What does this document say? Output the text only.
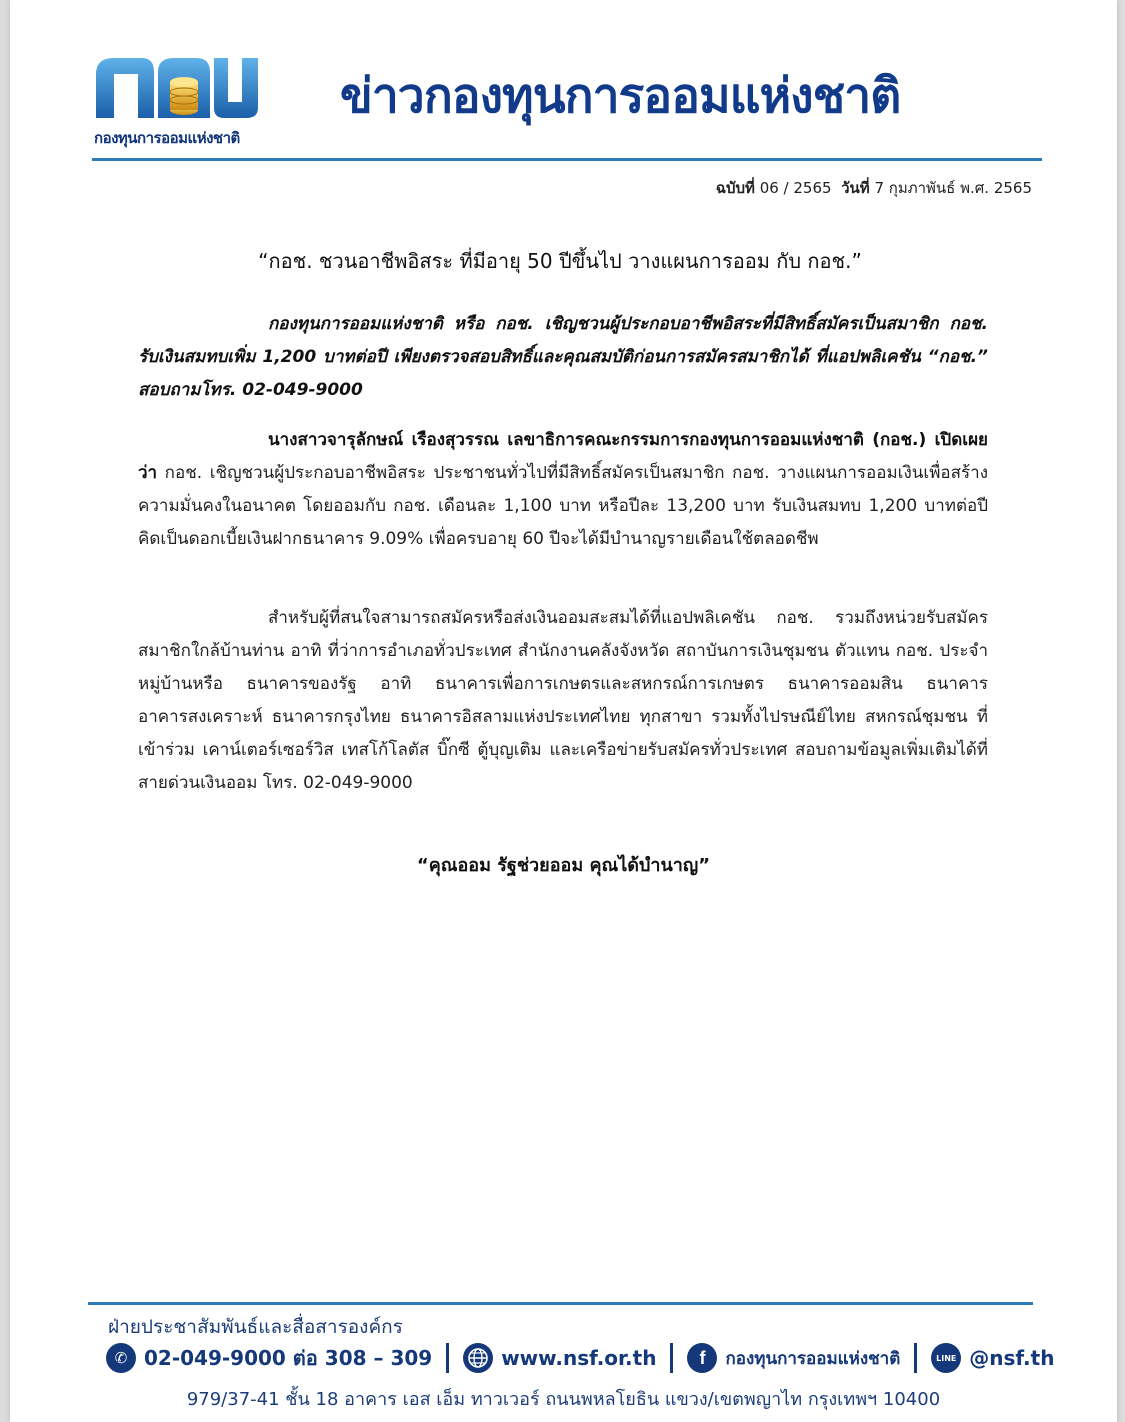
กองทุนการออมแห่งชาติ
ข่าวกองทุนการออมแห่งชาติ
ฉบับที่ 06 / 2565 วันที่ 7 กุมภาพันธ์ พ.ศ. 2565
“กอช. ชวนอาชีพอิสระ ที่มีอายุ 50 ปีขึ้นไป วางแผนการออม กับ กอช.”
กองทุนการออมแห่งชาติ หรือ กอช. เชิญชวนผู้ประกอบอาชีพอิสระที่มีสิทธิ์สมัครเป็นสมาชิก กอช. รับเงินสมทบเพิ่ม 1,200 บาทต่อปี เพียงตรวจสอบสิทธิ์และคุณสมบัติก่อนการสมัครสมาชิกได้ ที่แอปพลิเคชัน “กอช.” สอบถามโทร. 02-049-9000
นางสาวจารุลักษณ์ เรืองสุวรรณ เลขาธิการคณะกรรมการกองทุนการออมแห่งชาติ (กอช.) เปิดเผยว่า กอช. เชิญชวนผู้ประกอบอาชีพอิสระ ประชาชนทั่วไปที่มีสิทธิ์สมัครเป็นสมาชิก กอช. วางแผนการออมเงินเพื่อสร้างความมั่นคงในอนาคต โดยออมกับ กอช. เดือนละ 1,100 บาท หรือปีละ 13,200 บาท รับเงินสมทบ 1,200 บาทต่อปี คิดเป็นดอกเบี้ยเงินฝากธนาคาร 9.09% เพื่อครบอายุ 60 ปีจะได้มีบำนาญรายเดือนใช้ตลอดชีพ
สำหรับผู้ที่สนใจสามารถสมัครหรือส่งเงินออมสะสมได้ที่แอปพลิเคชัน กอช. รวมถึงหน่วยรับสมัครสมาชิกใกล้บ้านท่าน อาทิ ที่ว่าการอำเภอทั่วประเทศ สำนักงานคลังจังหวัด สถาบันการเงินชุมชน ตัวแทน กอช. ประจำหมู่บ้านหรือ ธนาคารของรัฐ อาทิ ธนาคารเพื่อการเกษตรและสหกรณ์การเกษตร ธนาคารออมสิน ธนาคารอาคารสงเคราะห์ ธนาคารกรุงไทย ธนาคารอิสลามแห่งประเทศไทย ทุกสาขา รวมทั้งไปรษณีย์ไทย สหกรณ์ชุมชน ที่เข้าร่วม เคาน์เตอร์เซอร์วิส เทสโก้โลตัส บิ๊กซี ตู้บุญเติม และเครือข่ายรับสมัครทั่วประเทศ สอบถามข้อมูลเพิ่มเติมได้ที่สายด่วนเงินออม โทร. 02-049-9000
“คุณออม รัฐช่วยออม คุณได้บำนาญ”
ฝ่ายประชาสัมพันธ์และสื่อสารองค์กร
✆ 02-049-9000 ต่อ 308 – 309	www.nsf.or.th	f	กองทุนการออมแห่งชาติ	LINE @nsf.th
979/37-41 ชั้น 18 อาคาร เอส เอ็ม ทาวเวอร์ ถนนพหลโยธิน แขวง/เขตพญาไท กรุงเทพฯ 10400
